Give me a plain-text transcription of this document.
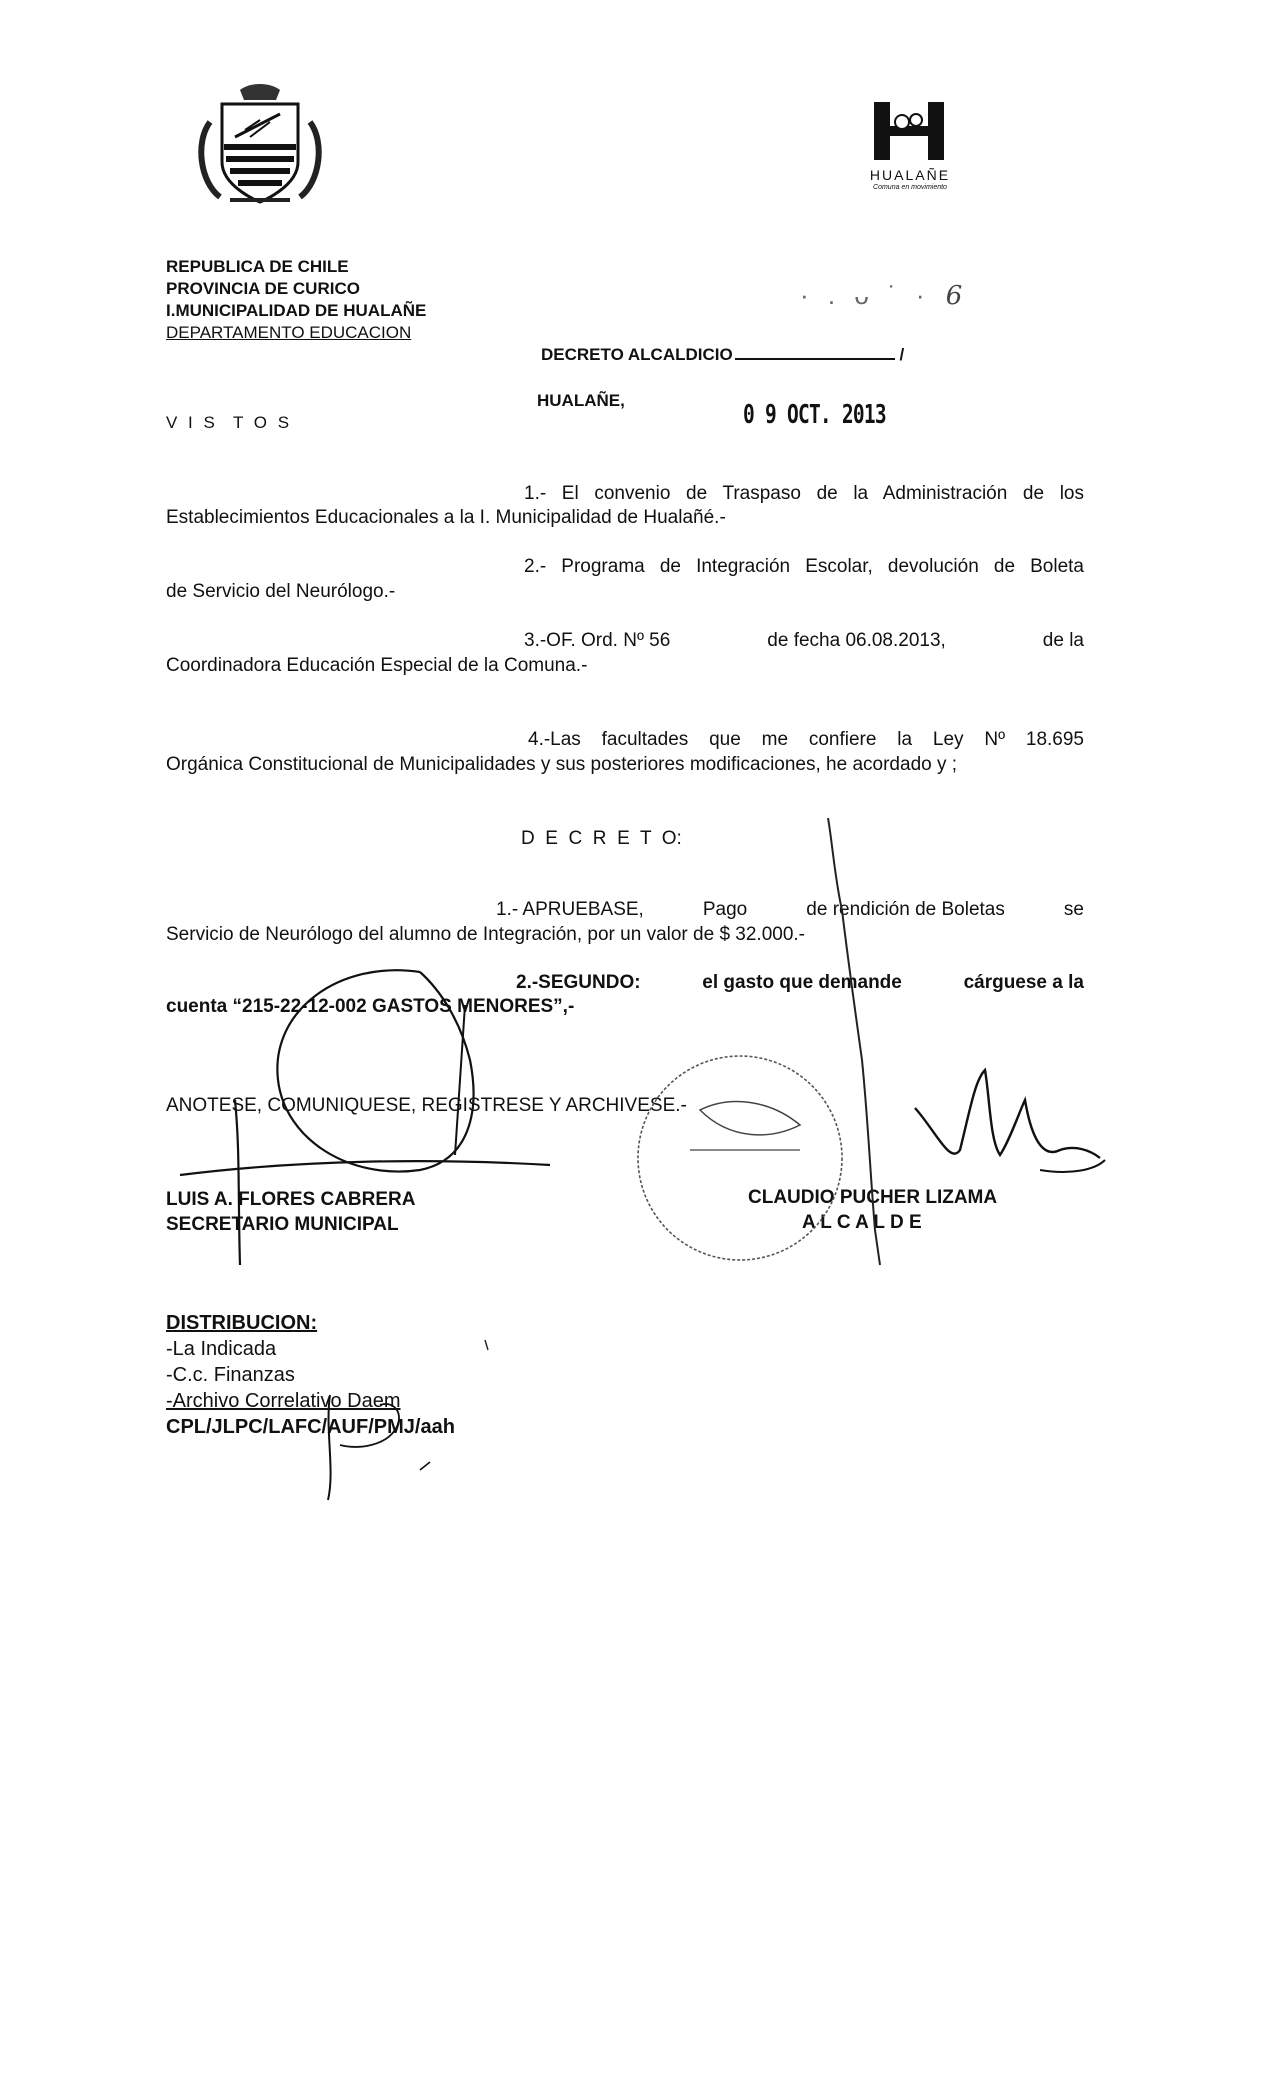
HUALAÑE
Comuna en movimiento
REPUBLICA DE CHILE
PROVINCIA DE CURICO
I.MUNICIPALIDAD DE HUALAÑE
DEPARTAMENTO EDUCACION
· . ᴗ ˙ · 6
DECRETO ALCALDICIO	/
HUALAÑE,	0 9 OCT. 2013
V I S  T O S
1.- El convenio de Traspaso de la Administración de los
Establecimientos Educacionales a la I. Municipalidad de Hualañé.-
2.- Programa de Integración Escolar, devolución de Boleta
de Servicio del Neurólogo.-
3.-OF. Ord. Nº 56	de fecha 06.08.2013,	de la
Coordinadora Educación Especial de la Comuna.-
4.-Las facultades que me confiere la Ley Nº 18.695
Orgánica Constitucional de Municipalidades y sus posteriores modificaciones, he acordado y ;
D  E  C  R  E  T  O:
1.- APRUEBASE,	Pago	de rendición de Boletas	se
Servicio de Neurólogo del alumno de Integración, por un valor de $ 32.000.-
2.-SEGUNDO:	el gasto que demande	cárguese a la
cuenta “215-22-12-002 GASTOS MENORES”,-
ANOTESE, COMUNIQUESE, REGISTRESE Y ARCHIVESE.-
LUIS A. FLORES CABRERA
SECRETARIO MUNICIPAL
CLAUDIO PUCHER LIZAMA
A L C A L D E
DISTRIBUCION:
-La Indicada
-C.c. Finanzas
-Archivo Correlativo Daem
CPL/JLPC/LAFC/AUF/PMJ/aah
